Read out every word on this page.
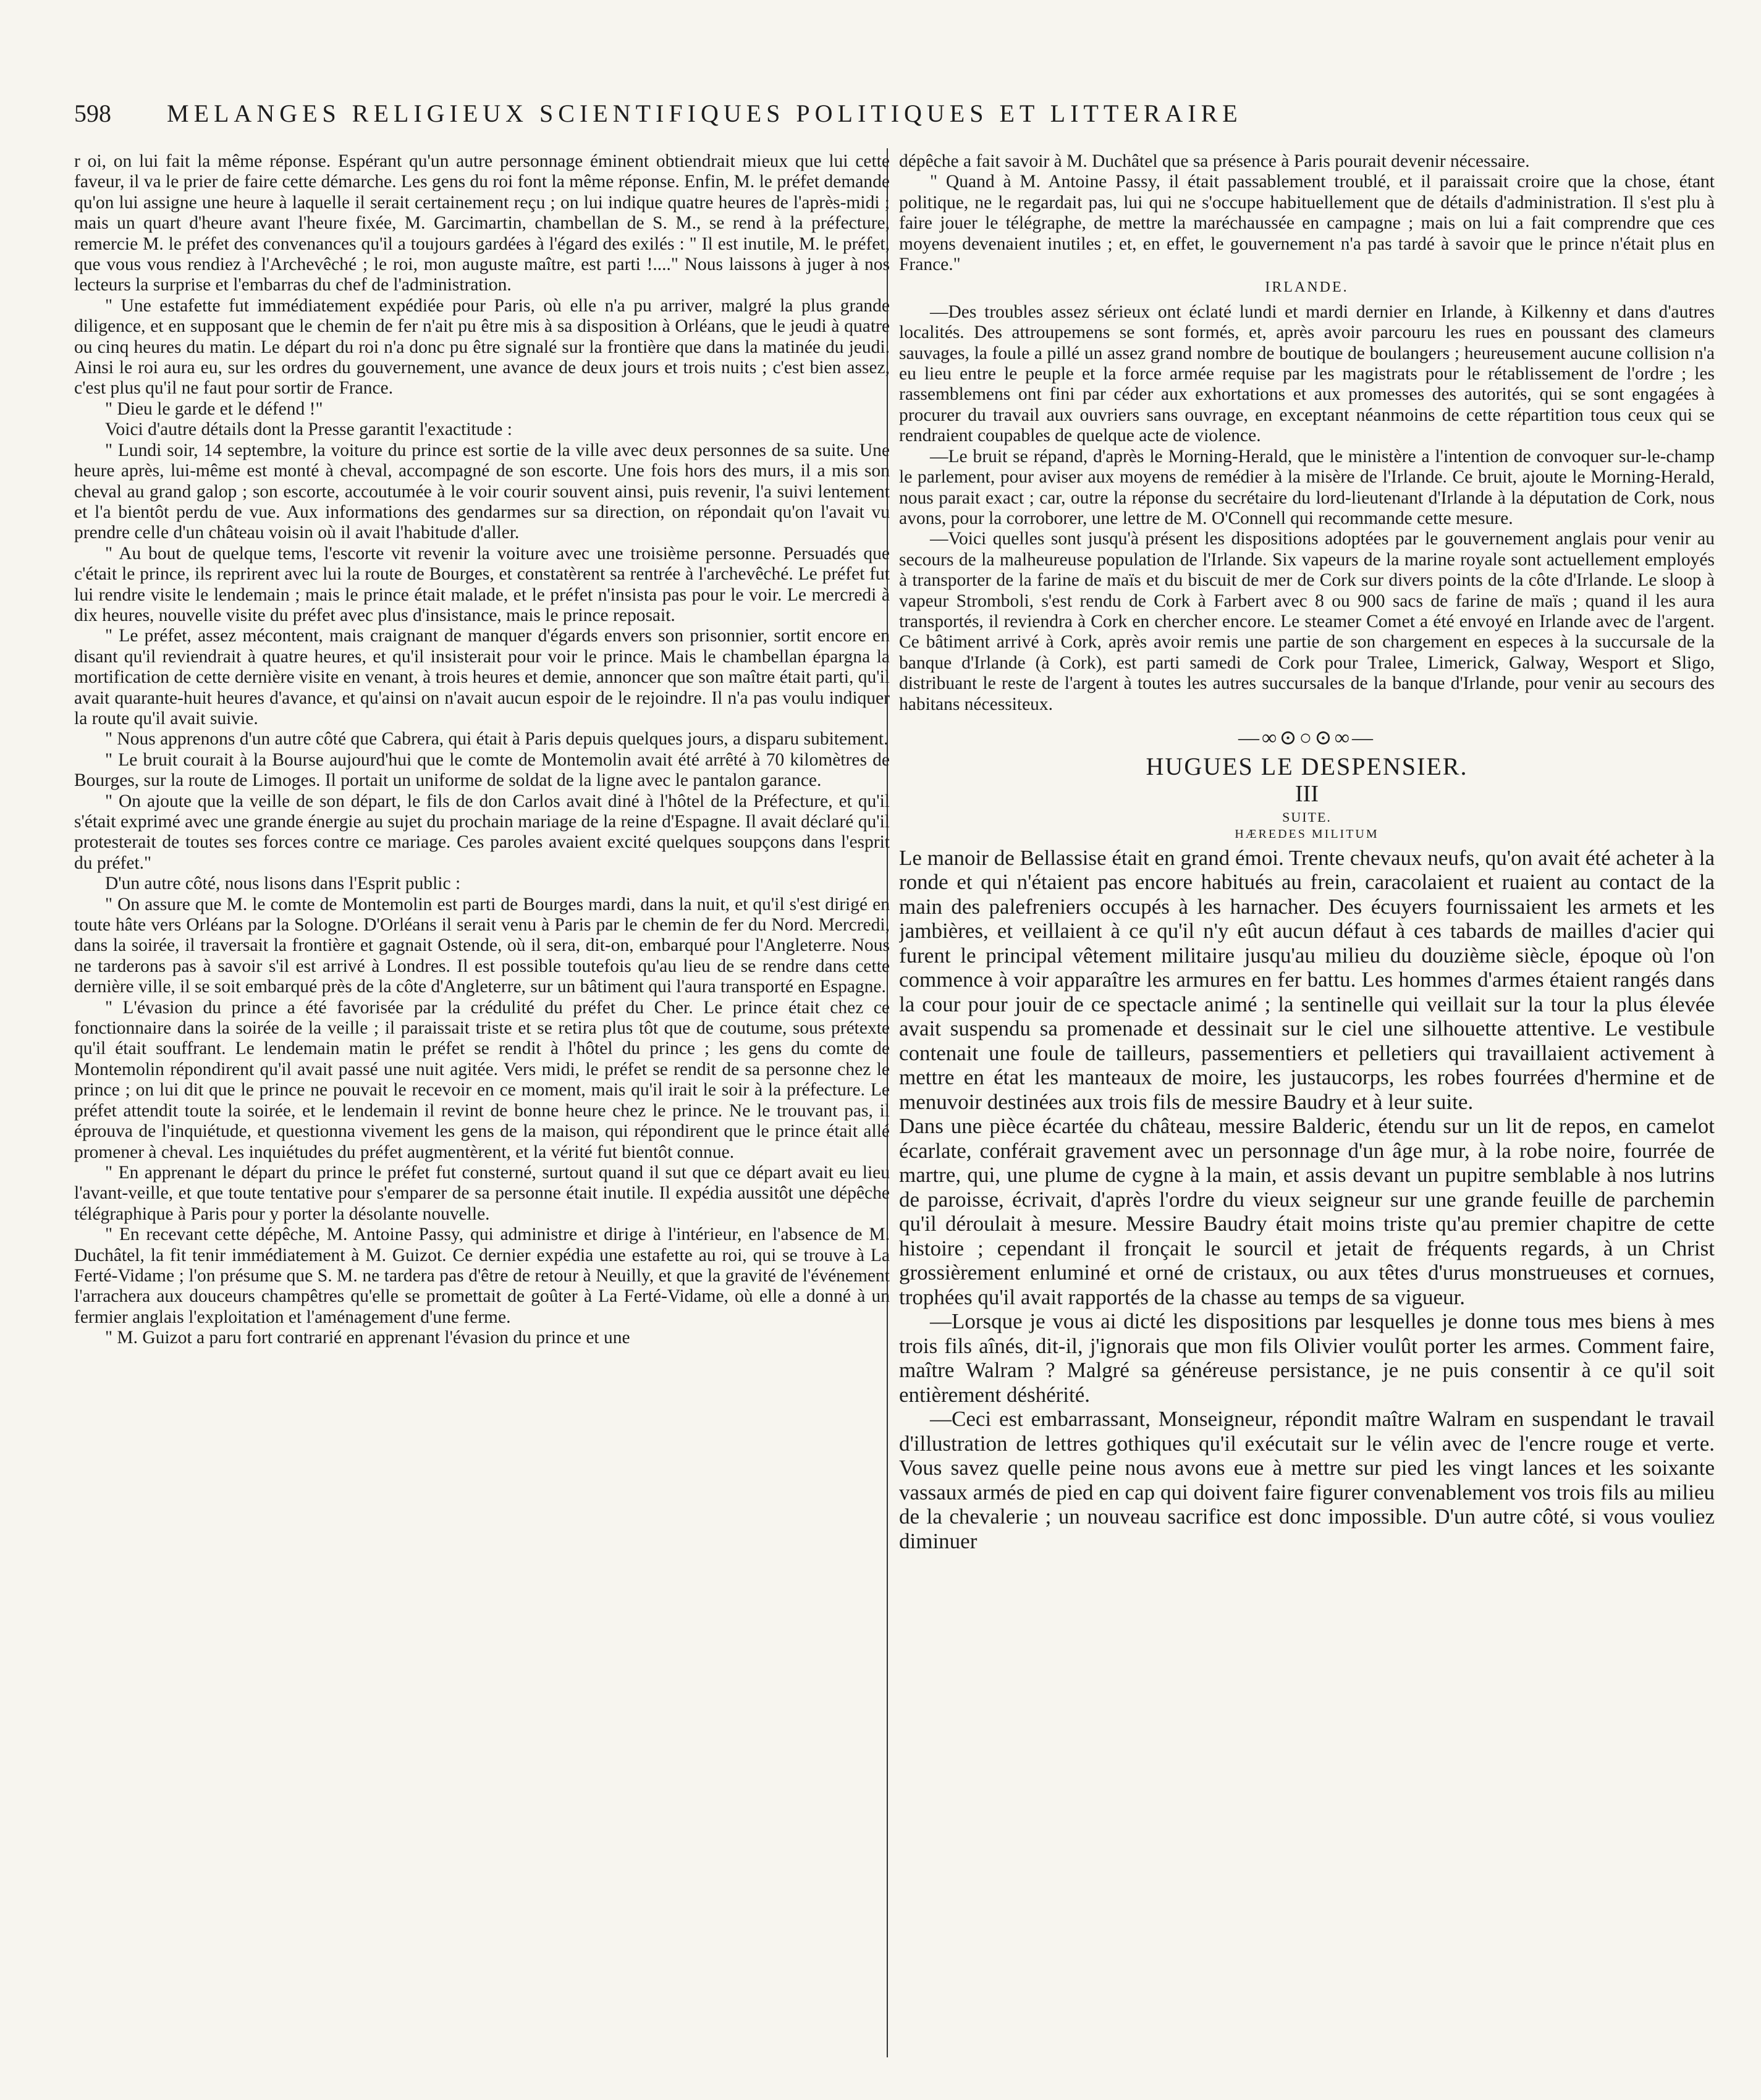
598 MELANGES RELIGIEUX SCIENTIFIQUES POLITIQUES ET LITTERAIRE

r oi, on lui fait la même réponse. Espérant qu'un autre personnage éminent obtiendrait mieux que lui cette faveur, il va le prier de faire cette démarche. Les gens du roi font la même réponse. Enfin, M. le préfet demande qu'on lui assigne une heure à laquelle il serait certainement reçu ; on lui indique quatre heures de l'après-midi ; mais un quart d'heure avant l'heure fixée, M. Garcimartin, chambellan de S. M., se rend à la préfecture, remercie M. le préfet des convenances qu'il a toujours gardées à l'égard des exilés : " Il est inutile, M. le préfet, que vous vous rendiez à l'Archevêché ; le roi, mon auguste maître, est parti !...." Nous laissons à juger à nos lecteurs la surprise et l'embarras du chef de l'administration.

" Une estafette fut immédiatement expédiée pour Paris, où elle n'a pu arriver, malgré la plus grande diligence, et en supposant que le chemin de fer n'ait pu être mis à sa disposition à Orléans, que le jeudi à quatre ou cinq heures du matin. Le départ du roi n'a donc pu être signalé sur la frontière que dans la matinée du jeudi. Ainsi le roi aura eu, sur les ordres du gouvernement, une avance de deux jours et trois nuits ; c'est bien assez, c'est plus qu'il ne faut pour sortir de France.

" Dieu le garde et le défend !"

Voici d'autre détails dont la Presse garantit l'exactitude :

" Lundi soir, 14 septembre, la voiture du prince est sortie de la ville avec deux personnes de sa suite. Une heure après, lui-même est monté à cheval, accompagné de son escorte. Une fois hors des murs, il a mis son cheval au grand galop ; son escorte, accoutumée à le voir courir souvent ainsi, puis revenir, l'a suivi lentement et l'a bientôt perdu de vue. Aux informations des gendarmes sur sa direction, on répondait qu'on l'avait vu prendre celle d'un château voisin où il avait l'habitude d'aller.

" Au bout de quelque tems, l'escorte vit revenir la voiture avec une troisième personne. Persuadés que c'était le prince, ils reprirent avec lui la route de Bourges, et constatèrent sa rentrée à l'archevêché. Le préfet fut lui rendre visite le lendemain ; mais le prince était malade, et le préfet n'insista pas pour le voir. Le mercredi à dix heures, nouvelle visite du préfet avec plus d'insistance, mais le prince reposait.

" Le préfet, assez mécontent, mais craignant de manquer d'égards envers son prisonnier, sortit encore en disant qu'il reviendrait à quatre heures, et qu'il insisterait pour voir le prince. Mais le chambellan épargna la mortification de cette dernière visite en venant, à trois heures et demie, annoncer que son maître était parti, qu'il avait quarante-huit heures d'avance, et qu'ainsi on n'avait aucun espoir de le rejoindre. Il n'a pas voulu indiquer la route qu'il avait suivie.

" Nous apprenons d'un autre côté que Cabrera, qui était à Paris depuis quelques jours, a disparu subitement.

" Le bruit courait à la Bourse aujourd'hui que le comte de Montemolin avait été arrêté à 70 kilomètres de Bourges, sur la route de Limoges. Il portait un uniforme de soldat de la ligne avec le pantalon garance.

" On ajoute que la veille de son départ, le fils de don Carlos avait diné à l'hôtel de la Préfecture, et qu'il s'était exprimé avec une grande énergie au sujet du prochain mariage de la reine d'Espagne. Il avait déclaré qu'il protesterait de toutes ses forces contre ce mariage. Ces paroles avaient excité quelques soupçons dans l'esprit du préfet."

D'un autre côté, nous lisons dans l'Esprit public :

" On assure que M. le comte de Montemolin est parti de Bourges mardi, dans la nuit, et qu'il s'est dirigé en toute hâte vers Orléans par la Sologne. D'Orléans il serait venu à Paris par le chemin de fer du Nord. Mercredi, dans la soirée, il traversait la frontière et gagnait Ostende, où il sera, dit-on, embarqué pour l'Angleterre. Nous ne tarderons pas à savoir s'il est arrivé à Londres. Il est possible toutefois qu'au lieu de se rendre dans cette dernière ville, il se soit embarqué près de la côte d'Angleterre, sur un bâtiment qui l'aura transporté en Espagne.

" L'évasion du prince a été favorisée par la crédulité du préfet du Cher. Le prince était chez ce fonctionnaire dans la soirée de la veille ; il paraissait triste et se retira plus tôt que de coutume, sous prétexte qu'il était souffrant. Le lendemain matin le préfet se rendit à l'hôtel du prince ; les gens du comte de Montemolin répondirent qu'il avait passé une nuit agitée. Vers midi, le préfet se rendit de sa personne chez le prince ; on lui dit que le prince ne pouvait le recevoir en ce moment, mais qu'il irait le soir à la préfecture. Le préfet attendit toute la soirée, et le lendemain il revint de bonne heure chez le prince. Ne le trouvant pas, il éprouva de l'inquiétude, et questionna vivement les gens de la maison, qui répondirent que le prince était allé promener à cheval. Les inquiétudes du préfet augmentèrent, et la vérité fut bientôt connue.

" En apprenant le départ du prince le préfet fut consterné, surtout quand il sut que ce départ avait eu lieu l'avant-veille, et que toute tentative pour s'emparer de sa personne était inutile. Il expédia aussitôt une dépêche télégraphique à Paris pour y porter la désolante nouvelle.

" En recevant cette dépêche, M. Antoine Passy, qui administre et dirige à l'intérieur, en l'absence de M. Duchâtel, la fit tenir immédiatement à M. Guizot. Ce dernier expédia une estafette au roi, qui se trouve à La Ferté-Vidame ; l'on présume que S. M. ne tardera pas d'être de retour à Neuilly, et que la gravité de l'événement l'arrachera aux douceurs champêtres qu'elle se promettait de goûter à La Ferté-Vidame, où elle a donné à un fermier anglais l'exploitation et l'aménagement d'une ferme.

" M. Guizot a paru fort contrarié en apprenant l'évasion du prince et une

dépêche a fait savoir à M. Duchâtel que sa présence à Paris pourait devenir nécessaire.

" Quand à M. Antoine Passy, il était passablement troublé, et il paraissait croire que la chose, étant politique, ne le regardait pas, lui qui ne s'occupe habituellement que de détails d'administration. Il s'est plu à faire jouer le télégraphe, de mettre la maréchaussée en campagne ; mais on lui a fait comprendre que ces moyens devenaient inutiles ; et, en effet, le gouvernement n'a pas tardé à savoir que le prince n'était plus en France."

IRLANDE.

—Des troubles assez sérieux ont éclaté lundi et mardi dernier en Irlande, à Kilkenny et dans d'autres localités. Des attroupemens se sont formés, et, après avoir parcouru les rues en poussant des clameurs sauvages, la foule a pillé un assez grand nombre de boutique de boulangers ; heureusement aucune collision n'a eu lieu entre le peuple et la force armée requise par les magistrats pour le rétablissement de l'ordre ; les rassemblemens ont fini par céder aux exhortations et aux promesses des autorités, qui se sont engagées à procurer du travail aux ouvriers sans ouvrage, en exceptant néanmoins de cette répartition tous ceux qui se rendraient coupables de quelque acte de violence.

—Le bruit se répand, d'après le Morning-Herald, que le ministère a l'intention de convoquer sur-le-champ le parlement, pour aviser aux moyens de remédier à la misère de l'Irlande. Ce bruit, ajoute le Morning-Herald, nous parait exact ; car, outre la réponse du secrétaire du lord-lieutenant d'Irlande à la députation de Cork, nous avons, pour la corroborer, une lettre de M. O'Connell qui recommande cette mesure.

—Voici quelles sont jusqu'à présent les dispositions adoptées par le gouvernement anglais pour venir au secours de la malheureuse population de l'Irlande. Six vapeurs de la marine royale sont actuellement employés à transporter de la farine de maïs et du biscuit de mer de Cork sur divers points de la côte d'Irlande. Le sloop à vapeur Stromboli, s'est rendu de Cork à Farbert avec 8 ou 900 sacs de farine de maïs ; quand il les aura transportés, il reviendra à Cork en chercher encore. Le steamer Comet a été envoyé en Irlande avec de l'argent. Ce bâtiment arrivé à Cork, après avoir remis une partie de son chargement en especes à la succursale de la banque d'Irlande (à Cork), est parti samedi de Cork pour Tralee, Limerick, Galway, Wesport et Sligo, distribuant le reste de l'argent à toutes les autres succursales de la banque d'Irlande, pour venir au secours des habitans nécessiteux.

—∞⊙○⊙∞—
HUGUES LE DESPENSIER.
III
SUITE.
HÆREDES MILITUM

Le manoir de Bellassise était en grand émoi. Trente chevaux neufs, qu'on avait été acheter à la ronde et qui n'étaient pas encore habitués au frein, caracolaient et ruaient au contact de la main des palefreniers occupés à les harnacher. Des écuyers fournissaient les armets et les jambières, et veillaient à ce qu'il n'y eût aucun défaut à ces tabards de mailles d'acier qui furent le principal vêtement militaire jusqu'au milieu du douzième siècle, époque où l'on commence à voir apparaître les armures en fer battu. Les hommes d'armes étaient rangés dans la cour pour jouir de ce spectacle animé ; la sentinelle qui veillait sur la tour la plus élevée avait suspendu sa promenade et dessinait sur le ciel une silhouette attentive. Le vestibule contenait une foule de tailleurs, passementiers et pelletiers qui travaillaient activement à mettre en état les manteaux de moire, les justaucorps, les robes fourrées d'hermine et de menuvoir destinées aux trois fils de messire Baudry et à leur suite.

Dans une pièce écartée du château, messire Balderic, étendu sur un lit de repos, en camelot écarlate, conférait gravement avec un personnage d'un âge mur, à la robe noire, fourrée de martre, qui, une plume de cygne à la main, et assis devant un pupitre semblable à nos lutrins de paroisse, écrivait, d'après l'ordre du vieux seigneur sur une grande feuille de parchemin qu'il déroulait à mesure. Messire Baudry était moins triste qu'au premier chapitre de cette histoire ; cependant il fronçait le sourcil et jetait de fréquents regards, à un Christ grossièrement enluminé et orné de cristaux, ou aux têtes d'urus monstrueuses et cornues, trophées qu'il avait rapportés de la chasse au temps de sa vigueur.

—Lorsque je vous ai dicté les dispositions par lesquelles je donne tous mes biens à mes trois fils aînés, dit-il, j'ignorais que mon fils Olivier voulût porter les armes. Comment faire, maître Walram ? Malgré sa généreuse persistance, je ne puis consentir à ce qu'il soit entièrement déshérité.

—Ceci est embarrassant, Monseigneur, répondit maître Walram en suspendant le travail d'illustration de lettres gothiques qu'il exécutait sur le vélin avec de l'encre rouge et verte. Vous savez quelle peine nous avons eue à mettre sur pied les vingt lances et les soixante vassaux armés de pied en cap qui doivent faire figurer convenablement vos trois fils au milieu de la chevalerie ; un nouveau sacrifice est donc impossible. D'un autre côté, si vous vouliez diminuer
